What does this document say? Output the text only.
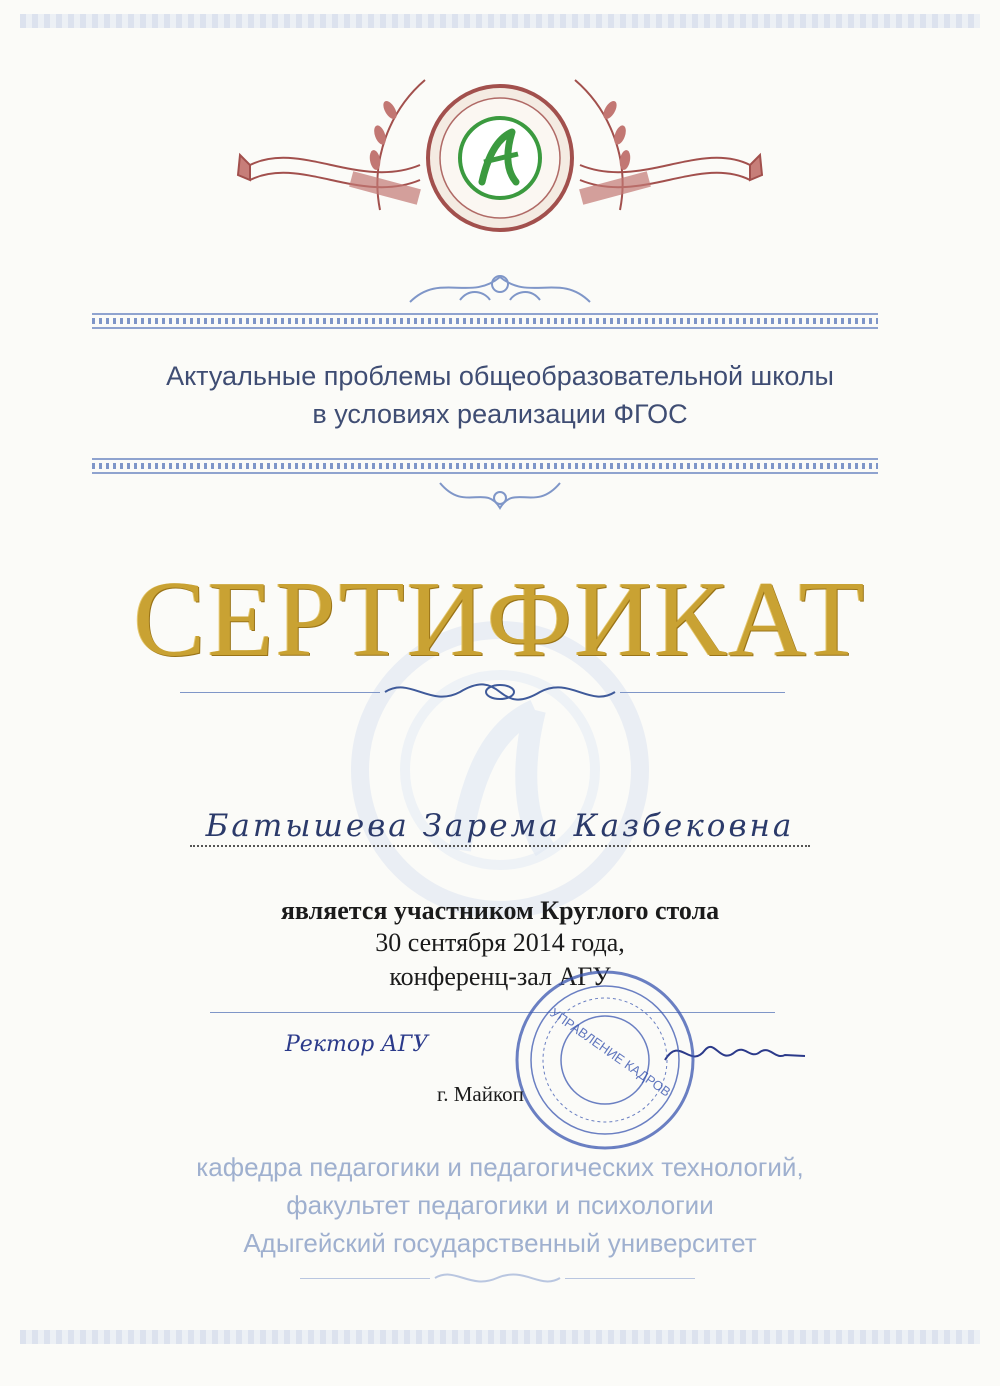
Актуальные проблемы общеобразовательной школы
в условиях реализации ФГОС
СЕРТИФИКАТ
Батышева Зарема Казбековна
является участником Круглого стола
30 сентября 2014 года,
конференц-зал АГУ
Ректор АГУ	УПРАВЛЕНИЕ КАДРОВ
г. Майкоп
кафедра педагогики и педагогических технологий,
факультет педагогики и психологии
Адыгейский государственный университет
